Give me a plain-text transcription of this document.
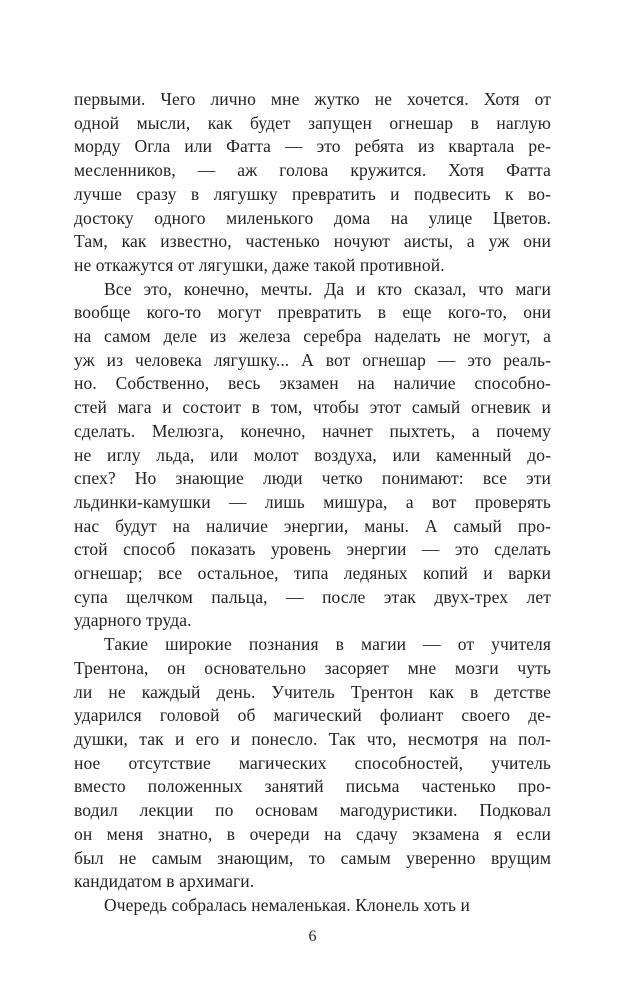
первыми. Чего лично мне жутко не хочется. Хотя от
одной мысли, как будет запущен огнешар в наглую
морду Огла или Фатта — это ребята из квартала ре-
месленников, — аж голова кружится. Хотя Фатта
лучше сразу в лягушку превратить и подвесить к во-
достоку одного миленького дома на улице Цветов.
Там, как известно, частенько ночуют аисты, а уж они
не откажутся от лягушки, даже такой противной.
Все это, конечно, мечты. Да и кто сказал, что маги
вообще кого-то могут превратить в еще кого-то, они
на самом деле из железа серебра наделать не могут, а
уж из человека лягушку... А вот огнешар — это реаль-
но. Собственно, весь экзамен на наличие способно-
стей мага и состоит в том, чтобы этот самый огневик и
сделать. Мелюзга, конечно, начнет пыхтеть, а почему
не иглу льда, или молот воздуха, или каменный до-
спех? Но знающие люди четко понимают: все эти
льдинки-камушки — лишь мишура, а вот проверять
нас будут на наличие энергии, маны. А самый про-
стой способ показать уровень энергии — это сделать
огнешар; все остальное, типа ледяных копий и варки
супа щелчком пальца, — после этак двух-трех лет
ударного труда.
Такие широкие познания в магии — от учителя
Трентона, он основательно засоряет мне мозги чуть
ли не каждый день. Учитель Трентон как в детстве
ударился головой об магический фолиант своего де-
душки, так и его и понесло. Так что, несмотря на пол-
ное отсутствие магических способностей, учитель
вместо положенных занятий письма частенько про-
водил лекции по основам магодуристики. Подковал
он меня знатно, в очереди на сдачу экзамена я если
был не самым знающим, то самым уверенно врущим
кандидатом в архимаги.
Очередь собралась немаленькая. Клонель хоть и
6
